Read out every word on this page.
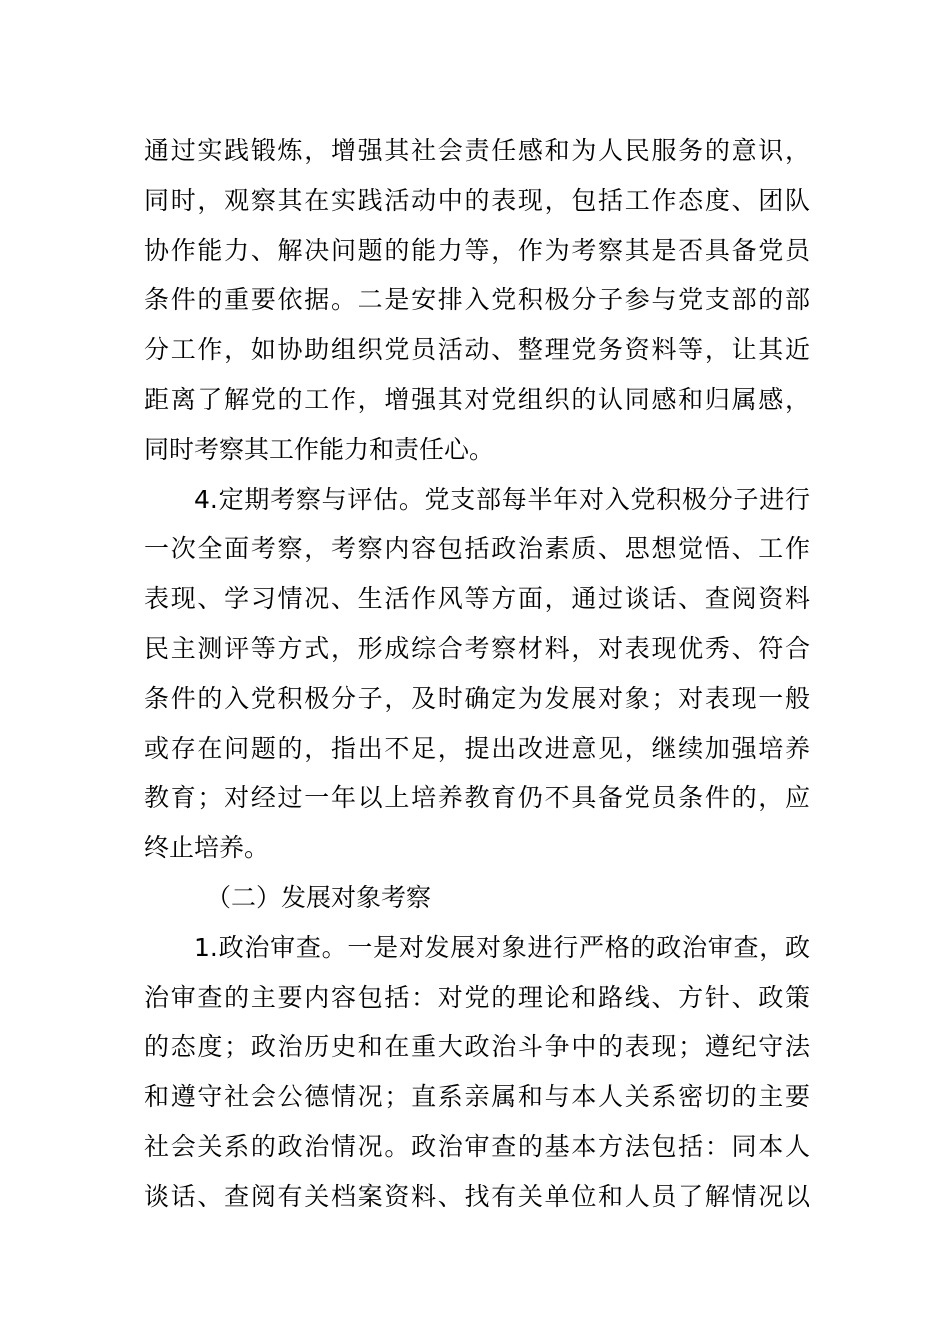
通过实践锻炼，增强其社会责任感和为人民服务的意识，
同时，观察其在实践活动中的表现，包括工作态度、团队
协作能力、解决问题的能力等，作为考察其是否具备党员
条件的重要依据。二是安排入党积极分子参与党支部的部
分工作，如协助组织党员活动、整理党务资料等，让其近
距离了解党的工作，增强其对党组织的认同感和归属感，
同时考察其工作能力和责任心。
4.定期考察与评估。党支部每半年对入党积极分子进行
一次全面考察，考察内容包括政治素质、思想觉悟、工作
表现、学习情况、生活作风等方面，通过谈话、查阅资料
民主测评等方式，形成综合考察材料，对表现优秀、符合
条件的入党积极分子，及时确定为发展对象；对表现一般
或存在问题的，指出不足，提出改进意见，继续加强培养
教育；对经过一年以上培养教育仍不具备党员条件的，应
终止培养。
（二）发展对象考察
1.政治审查。一是对发展对象进行严格的政治审查，政
治审查的主要内容包括：对党的理论和路线、方针、政策
的态度；政治历史和在重大政治斗争中的表现；遵纪守法
和遵守社会公德情况；直系亲属和与本人关系密切的主要
社会关系的政治情况。政治审查的基本方法包括：同本人
谈话、查阅有关档案资料、找有关单位和人员了解情况以
